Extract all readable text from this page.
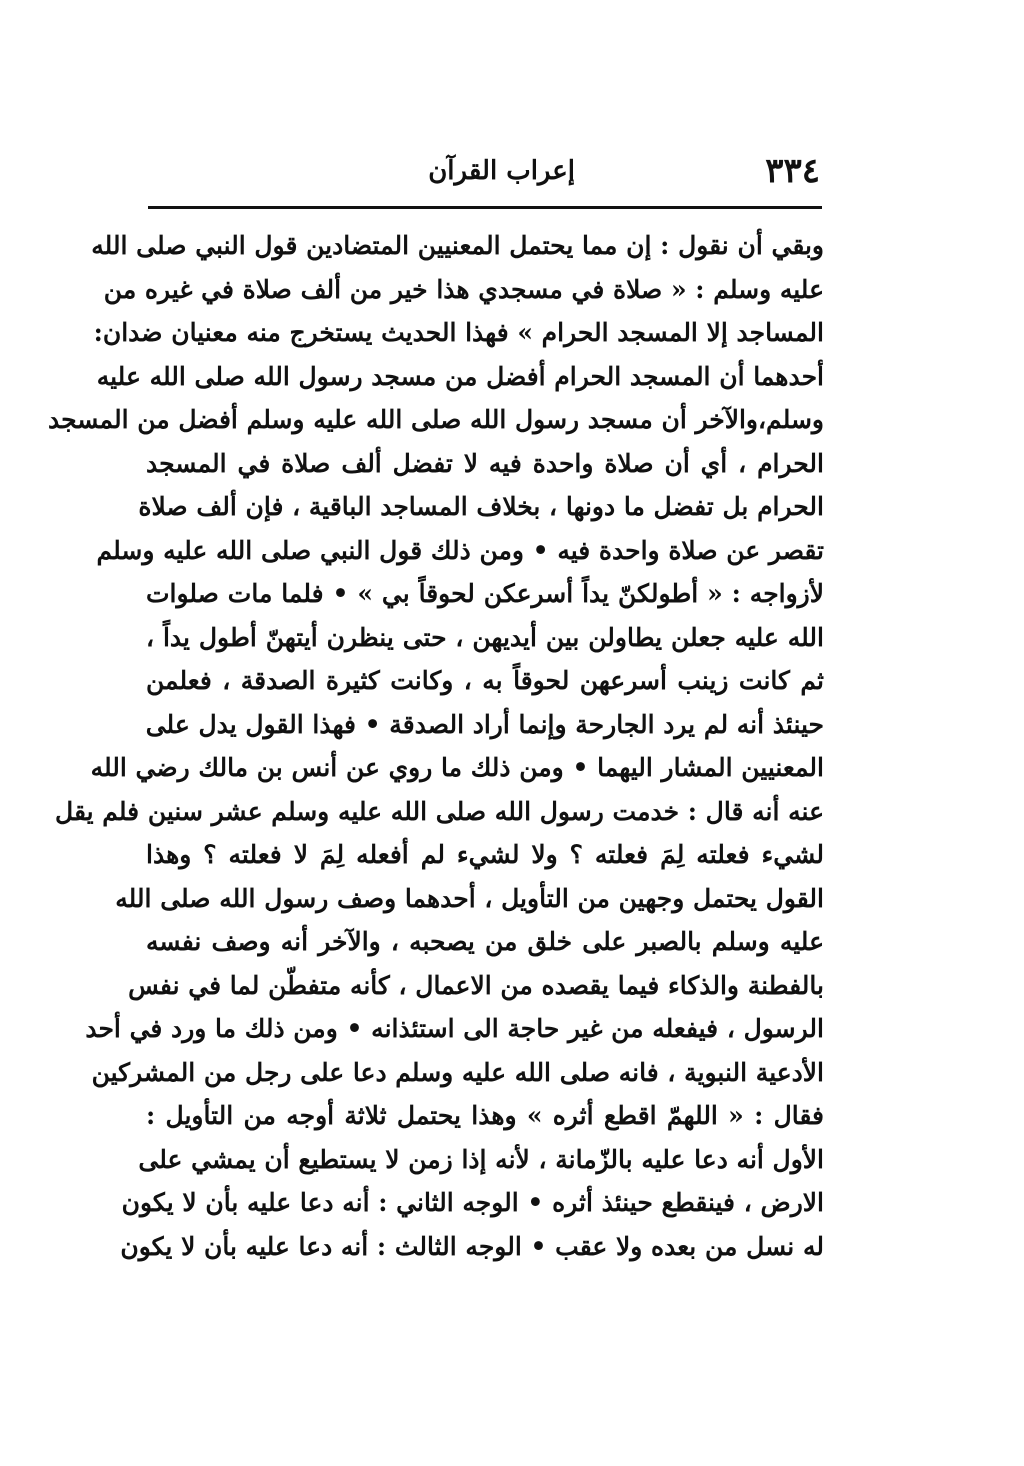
٣٣٤
إعراب القرآن
وبقي أن نقول : إن مما يحتمل المعنيين المتضادين قول النبي صلى الله
عليه وسلم : « صلاة في مسجدي هذا خير من ألف صلاة في غيره من
المساجد إلا المسجد الحرام » فهذا الحديث يستخرج منه معنيان ضدان:
أحدهما أن المسجد الحرام أفضل من مسجد رسول الله صلى الله عليه
وسلم،والآخر أن مسجد رسول الله صلى الله عليه وسلم أفضل من المسجد
الحرام ، أي أن صلاة واحدة فيه لا تفضل ألف صلاة في المسجد
الحرام بل تفضل ما دونها ، بخلاف المساجد الباقية ، فإن ألف صلاة
تقصر عن صلاة واحدة فيه • ومن ذلك قول النبي صلى الله عليه وسلم
لأزواجه : « أطولكنّ يداً أسرعكن لحوقاً بي » • فلما مات صلوات
الله عليه جعلن يطاولن بين أيديهن ، حتى ينظرن أيتهنّ أطول يداً ،
ثم كانت زينب أسرعهن لحوقاً به ، وكانت كثيرة الصدقة ، فعلمن
حينئذ أنه لم يرد الجارحة وإنما أراد الصدقة • فهذا القول يدل على
المعنيين المشار اليهما • ومن ذلك ما روي عن أنس بن مالك رضي الله
عنه أنه قال : خدمت رسول الله صلى الله عليه وسلم عشر سنين فلم يقل
لشيء فعلته لِمَ فعلته ؟ ولا لشيء لم أفعله لِمَ لا فعلته ؟ وهذا
القول يحتمل وجهين من التأويل ، أحدهما وصف رسول الله صلى الله
عليه وسلم بالصبر على خلق من يصحبه ، والآخر أنه وصف نفسه
بالفطنة والذكاء فيما يقصده من الاعمال ، كأنه متفطّن لما في نفس
الرسول ، فيفعله من غير حاجة الى استئذانه • ومن ذلك ما ورد في أحد
الأدعية النبوية ، فانه صلى الله عليه وسلم دعا على رجل من المشركين
فقال : « اللهمّ اقطع أثره » وهذا يحتمل ثلاثة أوجه من التأويل :
الأول أنه دعا عليه بالزّمانة ، لأنه إذا زمن لا يستطيع أن يمشي على
الارض ، فينقطع حينئذ أثره • الوجه الثاني : أنه دعا عليه بأن لا يكون
له نسل من بعده ولا عقب • الوجه الثالث : أنه دعا عليه بأن لا يكون
